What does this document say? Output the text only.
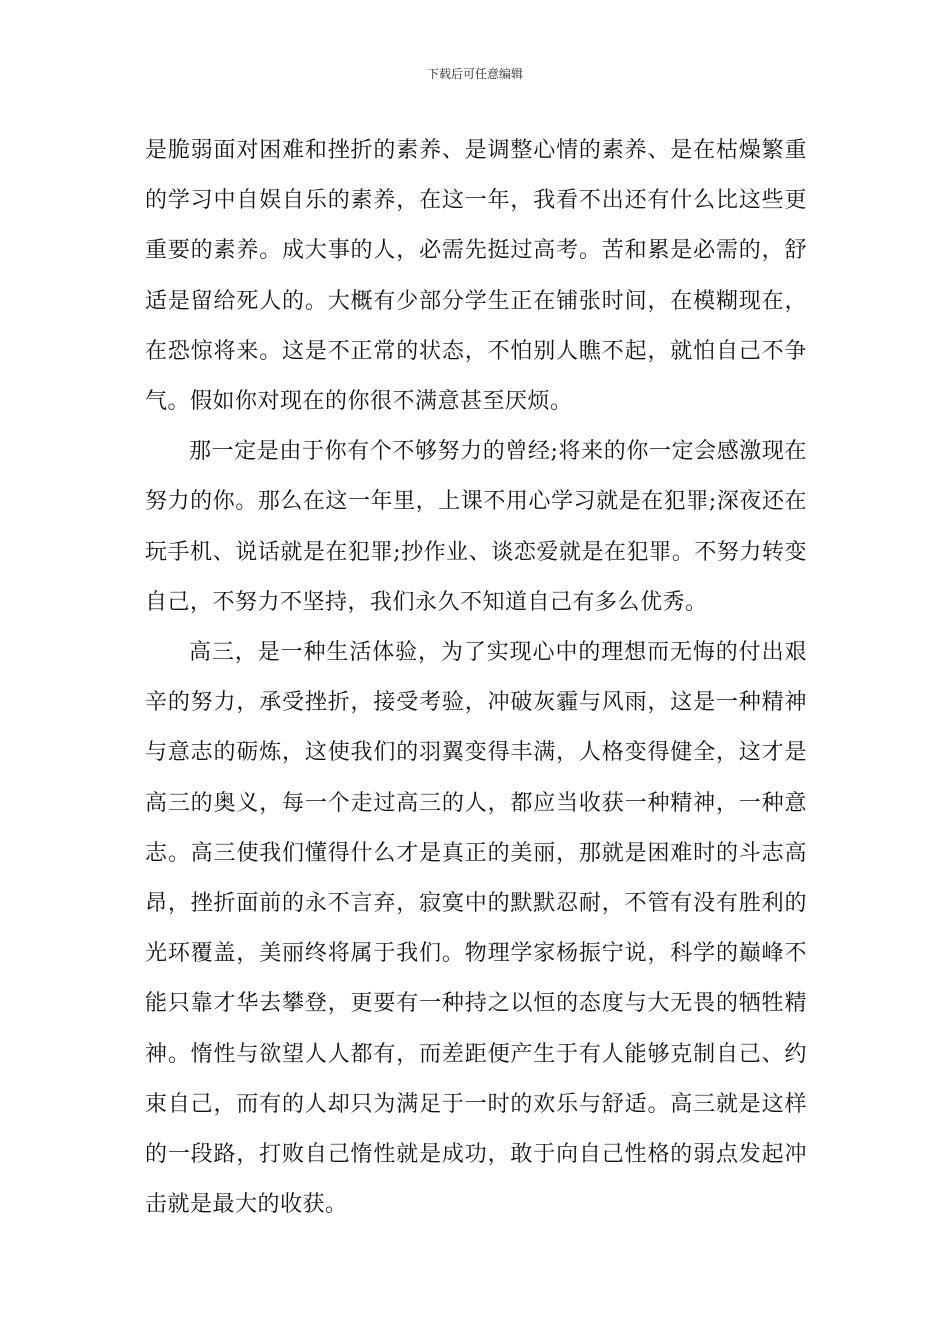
下载后可任意编辑

是脆弱面对困难和挫折的素养、是调整心情的素养、是在枯燥繁重的学习中自娱自乐的素养，在这一年，我看不出还有什么比这些更重要的素养。成大事的人，必需先挺过高考。苦和累是必需的，舒适是留给死人的。大概有少部分学生正在铺张时间，在模糊现在，在恐惊将来。这是不正常的状态，不怕别人瞧不起，就怕自己不争气。假如你对现在的你很不满意甚至厌烦。

那一定是由于你有个不够努力的曾经;将来的你一定会感激现在努力的你。那么在这一年里，上课不用心学习就是在犯罪;深夜还在玩手机、说话就是在犯罪;抄作业、谈恋爱就是在犯罪。不努力转变自己，不努力不坚持，我们永久不知道自己有多么优秀。

高三，是一种生活体验，为了实现心中的理想而无悔的付出艰辛的努力，承受挫折，接受考验，冲破灰霾与风雨，这是一种精神与意志的砺炼，这使我们的羽翼变得丰满，人格变得健全，这才是高三的奥义，每一个走过高三的人，都应当收获一种精神，一种意志。高三使我们懂得什么才是真正的美丽，那就是困难时的斗志高昂，挫折面前的永不言弃，寂寞中的默默忍耐，不管有没有胜利的光环覆盖，美丽终将属于我们。物理学家杨振宁说，科学的巅峰不能只靠才华去攀登，更要有一种持之以恒的态度与大无畏的牺牲精神。惰性与欲望人人都有，而差距便产生于有人能够克制自己、约束自己，而有的人却只为满足于一时的欢乐与舒适。高三就是这样的一段路，打败自己惰性就是成功，敢于向自己性格的弱点发起冲击就是最大的收获。
